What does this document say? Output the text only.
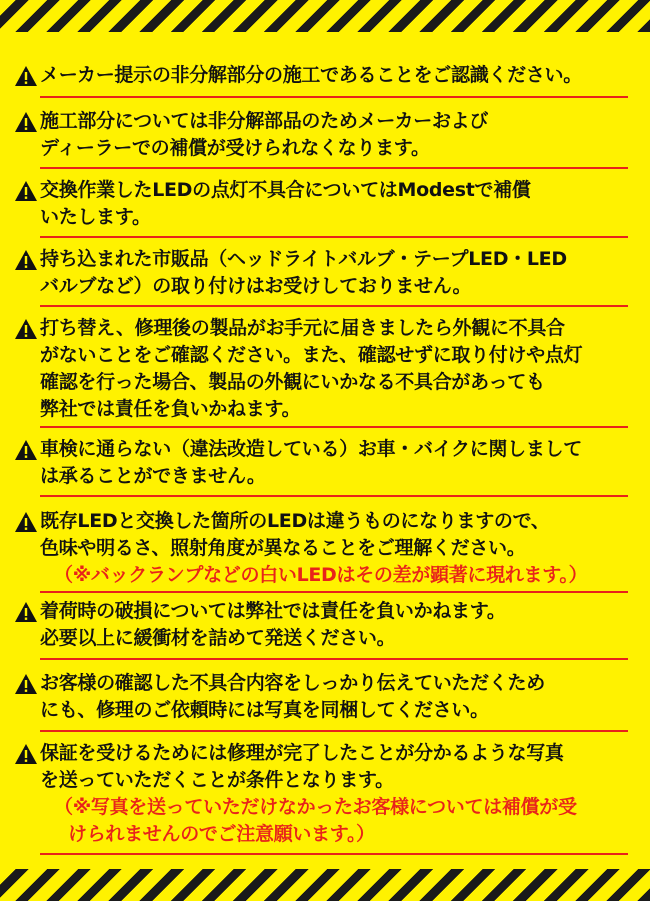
メーカー提示の非分解部分の施工であることをご認識ください。
施工部分については非分解部品のためメーカーおよび
ディーラーでの補償が受けられなくなります。
交換作業したLEDの点灯不具合についてはModestで補償
いたします。
持ち込まれた市販品（ヘッドライトバルブ・テープLED・LED
バルブなど）の取り付けはお受けしておりません。
打ち替え、修理後の製品がお手元に届きましたら外観に不具合
がないことをご確認ください。また、確認せずに取り付けや点灯
確認を行った場合、製品の外観にいかなる不具合があっても
弊社では責任を負いかねます。
車検に通らない（違法改造している）お車・バイクに関しまして
は承ることができません。
既存LEDと交換した箇所のLEDは違うものになりますので、
色味や明るさ、照射角度が異なることをご理解ください。
（※バックランプなどの白いLEDはその差が顕著に現れます。）
着荷時の破損については弊社では責任を負いかねます。
必要以上に緩衝材を詰めて発送ください。
お客様の確認した不具合内容をしっかり伝えていただくため
にも、修理のご依頼時には写真を同梱してください。
保証を受けるためには修理が完了したことが分かるような写真
を送っていただくことが条件となります。
（※写真を送っていただけなかったお客様については補償が受
けられませんのでご注意願います。）
